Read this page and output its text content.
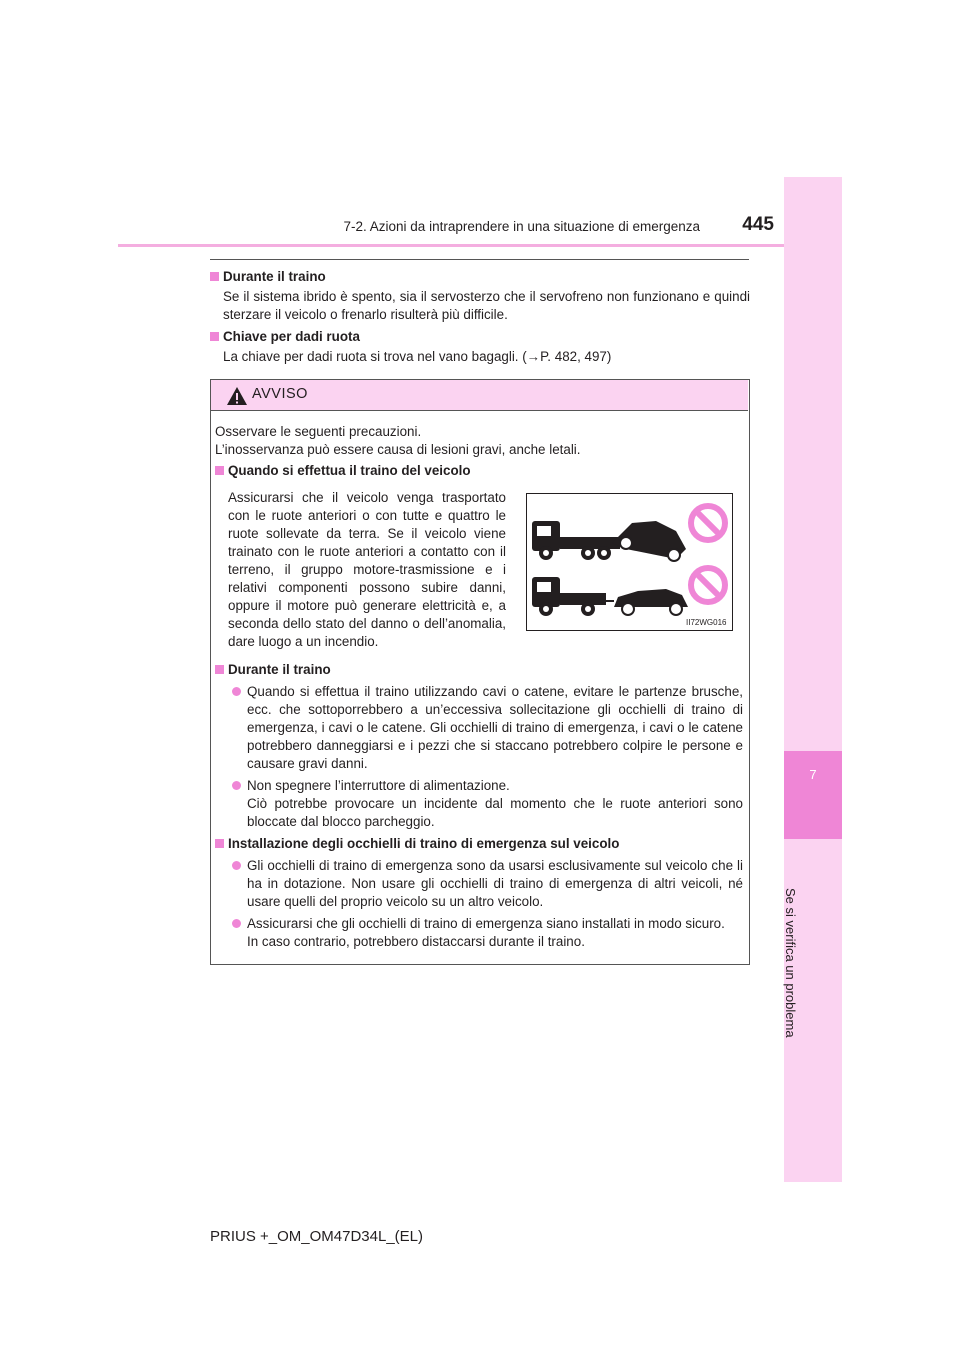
7-2. Azioni da intraprendere in una situazione di emergenza	445
7
Se si verifica un problema
Durante il traino
Se il sistema ibrido è spento, sia il servosterzo che il servofreno non funzionano e quindi sterzare il veicolo o frenarlo risulterà più difficile.
Chiave per dadi ruota
La chiave per dadi ruota si trova nel vano bagagli. (→P. 482, 497)
AVVISO
Osservare le seguenti precauzioni.
L’inosservanza può essere causa di lesioni gravi, anche letali.
Quando si effettua il traino del veicolo
Assicurarsi che il veicolo venga trasportato con le ruote anteriori o con tutte e quattro le ruote sollevate da terra. Se il veicolo viene trainato con le ruote anteriori a contatto con il terreno, il gruppo motore-trasmissione e i relativi componenti possono subire danni, oppure il motore può generare elettricità e, a seconda dello stato del danno o dell’anomalia, dare luogo a un incendio.
II72WG016
Durante il traino
Quando si effettua il traino utilizzando cavi o catene, evitare le partenze brusche, ecc. che sottoporrebbero a un’eccessiva sollecitazione gli occhielli di traino di emergenza, i cavi o le catene. Gli occhielli di traino di emergenza, i cavi o le catene potrebbero danneggiarsi e i pezzi che si staccano potrebbero colpire le persone e causare gravi danni.
Non spegnere l’interruttore di alimentazione.
Ciò potrebbe provocare un incidente dal momento che le ruote anteriori sono bloccate dal blocco parcheggio.
Installazione degli occhielli di traino di emergenza sul veicolo
Gli occhielli di traino di emergenza sono da usarsi esclusivamente sul veicolo che li ha in dotazione. Non usare gli occhielli di traino di emergenza di altri veicoli, né usare quelli del proprio veicolo su un altro veicolo.
Assicurarsi che gli occhielli di traino di emergenza siano installati in modo sicuro.
In caso contrario, potrebbero distaccarsi durante il traino.
PRIUS +_OM_OM47D34L_(EL)
